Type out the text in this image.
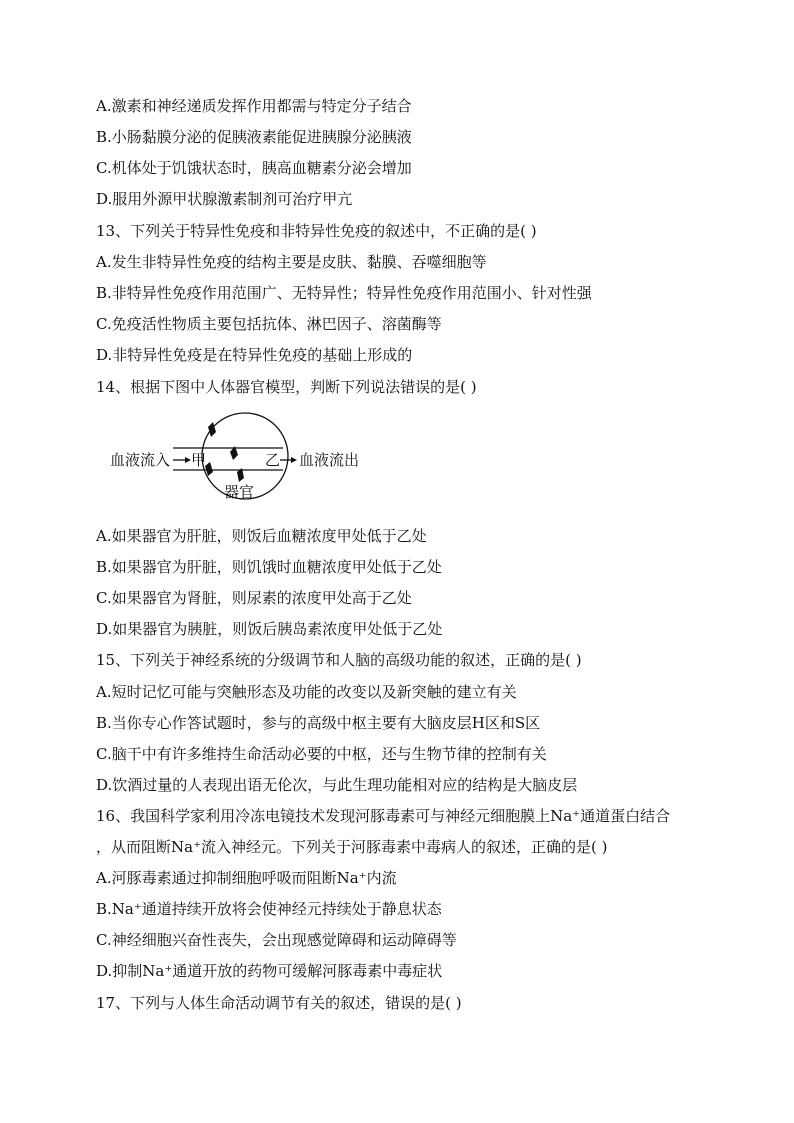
A.激素和神经递质发挥作用都需与特定分子结合
B.小肠黏膜分泌的促胰液素能促进胰腺分泌胰液
C.机体处于饥饿状态时，胰高血糖素分泌会增加
D.服用外源甲状腺激素制剂可治疗甲亢
13、下列关于特异性免疫和非特异性免疫的叙述中，不正确的是( )
A.发生非特异性免疫的结构主要是皮肤、黏膜、吞噬细胞等
B.非特异性免疫作用范围广、无特异性；特异性免疫作用范围小、针对性强
C.免疫活性物质主要包括抗体、淋巴因子、溶菌酶等
D.非特异性免疫是在特异性免疫的基础上形成的
14、根据下图中人体器官模型，判断下列说法错误的是( )
血液流入 甲	乙 血液流出
器官
A.如果器官为肝脏，则饭后血糖浓度甲处低于乙处
B.如果器官为肝脏，则饥饿时血糖浓度甲处低于乙处
C.如果器官为肾脏，则尿素的浓度甲处高于乙处
D.如果器官为胰脏，则饭后胰岛素浓度甲处低于乙处
15、下列关于神经系统的分级调节和人脑的高级功能的叙述，正确的是( )
A.短时记忆可能与突触形态及功能的改变以及新突触的建立有关
B.当你专心作答试题时，参与的高级中枢主要有大脑皮层H区和S区
C.脑干中有许多维持生命活动必要的中枢，还与生物节律的控制有关
D.饮酒过量的人表现出语无伦次，与此生理功能相对应的结构是大脑皮层
16、我国科学家利用冷冻电镜技术发现河豚毒素可与神经元细胞膜上Na⁺通道蛋白结合
，从而阻断Na⁺流入神经元。下列关于河豚毒素中毒病人的叙述，正确的是( )
A.河豚毒素通过抑制细胞呼吸而阻断Na⁺内流
B.Na⁺通道持续开放将会使神经元持续处于静息状态
C.神经细胞兴奋性丧失，会出现感觉障碍和运动障碍等
D.抑制Na⁺通道开放的药物可缓解河豚毒素中毒症状
17、下列与人体生命活动调节有关的叙述，错误的是( )
